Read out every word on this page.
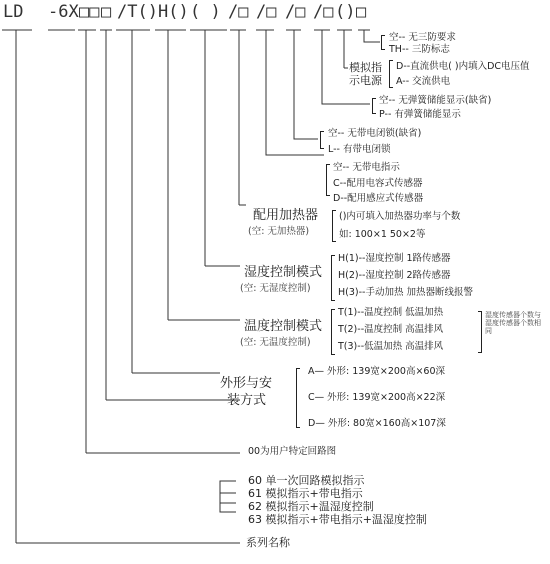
LD -6X □□ □ /T() H() ( ) /□ /□ /□ /□ () □
空-- 无三防要求
TH-- 三防标志
模拟指
示电源
D--直流供电( )内填入DC电压值
A-- 交流供电
空-- 无弹簧储能显示(缺省)
P-- 有弹簧储能显示
空-- 无带电闭锁(缺省)
L-- 有带电闭锁
空-- 无带电指示
C--配用电容式传感器
D--配用感应式传感器
配用加热器
(空: 无加热器)
()内可填入加热器功率与个数
如: 100×1 50×2等
湿度控制模式
(空: 无湿度控制)
H(1)--湿度控制 1路传感器
H(2)--湿度控制 2路传感器
H(3)--手动加热 加热器断线报警
温度控制模式
(空: 无温度控制)
T(1)--温度控制 低温加热
T(2)--温度控制 高温排风
T(3)--低温加热 高温排风
湿度传感器个数与湿度传感器个数相同
外形与安
装方式
A— 外形: 139宽×200高×60深
C— 外形: 139宽×200高×22深
D— 外形: 80宽×160高×107深
00为用户特定回路图
60 单一次回路模拟指示
61 模拟指示+带电指示
62 模拟指示+温湿度控制
63 模拟指示+带电指示+温湿度控制
系列名称
